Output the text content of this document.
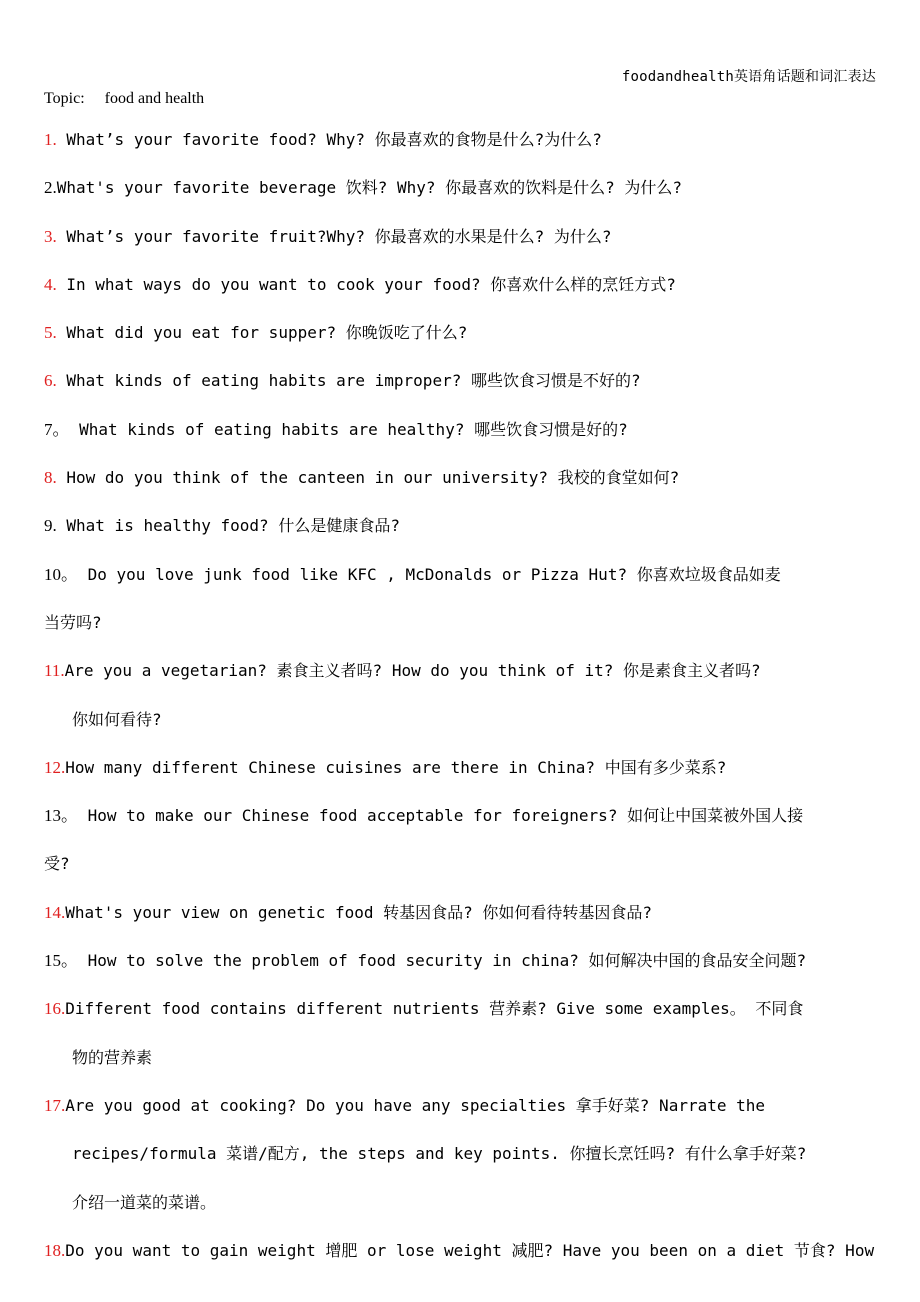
foodandhealth英语角话题和词汇表达
Topic: food and health
1. What’s your favorite food? Why? 你最喜欢的食物是什么?为什么?
2.What's your favorite beverage 饮料? Why? 你最喜欢的饮料是什么? 为什么?
3. What’s your favorite fruit?Why? 你最喜欢的水果是什么? 为什么?
4. In what ways do you want to cook your food? 你喜欢什么样的烹饪方式?
5. What did you eat for supper? 你晚饭吃了什么?
6. What kinds of eating habits are improper? 哪些饮食习惯是不好的?
7。 What kinds of eating habits are healthy? 哪些饮食习惯是好的?
8. How do you think of the canteen in our university? 我校的食堂如何?
9. What is healthy food? 什么是健康食品?
10。 Do you love junk food like KFC , McDonalds or Pizza Hut? 你喜欢垃圾食品如麦
当劳吗?
11.Are you a vegetarian? 素食主义者吗? How do you think of it? 你是素食主义者吗?
你如何看待?
12.How many different Chinese cuisines are there in China? 中国有多少菜系?
13。 How to make our Chinese food acceptable for foreigners? 如何让中国菜被外国人接
受?
14.What's your view on genetic food 转基因食品? 你如何看待转基因食品?
15。 How to solve the problem of food security in china? 如何解决中国的食品安全问题?
16.Different food contains different nutrients 营养素? Give some examples。 不同食
物的营养素
17.Are you good at cooking? Do you have any specialties 拿手好菜? Narrate the
recipes/formula 菜谱/配方, the steps and key points. 你擅长烹饪吗? 有什么拿手好菜?
介绍一道菜的菜谱。
18.Do you want to gain weight 增肥 or lose weight 减肥? Have you been on a diet 节食? How
